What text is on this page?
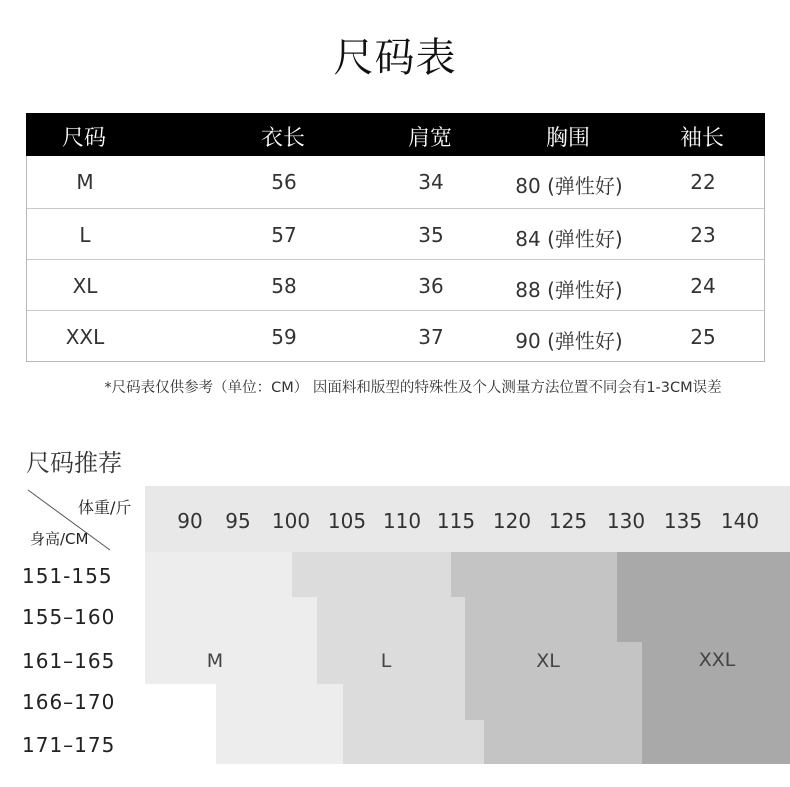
尺码表
尺码	衣长	肩宽	胸围	袖长
M	56	34	80 (弹性好)	22
L	57	35	84 (弹性好)	23
XL	58	36	88 (弹性好)	24
XXL	59	37	90 (弹性好)	25
*尺码表仅供参考（单位：CM） 因面料和版型的特殊性及个人测量方法位置不同会有1-3CM误差
尺码推荐
体重/斤
身高/CM
90 95 100 105 110 115 120 125 130 135 140
151-155
155–160
161–165
166–170
171–175
M	L	XL	XXL
